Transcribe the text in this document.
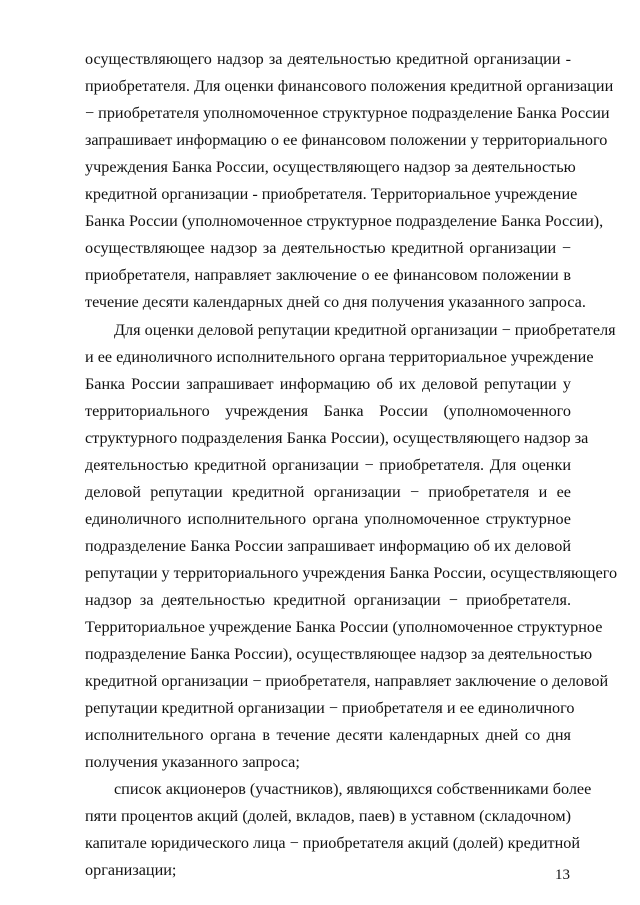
осуществляющего надзор за деятельностью кредитной организации -
приобретателя. Для оценки финансового положения кредитной организации
− приобретателя уполномоченное структурное подразделение Банка России
запрашивает информацию о ее финансовом положении у территориального
учреждения Банка России, осуществляющего надзор за деятельностью
кредитной организации - приобретателя. Территориальное учреждение
Банка России (уполномоченное структурное подразделение Банка России),
осуществляющее надзор за деятельностью кредитной организации −
приобретателя, направляет заключение о ее финансовом положении в
течение десяти календарных дней со дня получения указанного запроса.
Для оценки деловой репутации кредитной организации − приобретателя
и ее единоличного исполнительного органа территориальное учреждение
Банка России запрашивает информацию об их деловой репутации у
территориального учреждения Банка России (уполномоченного
структурного подразделения Банка России), осуществляющего надзор за
деятельностью кредитной организации − приобретателя. Для оценки
деловой репутации кредитной организации − приобретателя и ее
единоличного исполнительного органа уполномоченное структурное
подразделение Банка России запрашивает информацию об их деловой
репутации у территориального учреждения Банка России, осуществляющего
надзор за деятельностью кредитной организации − приобретателя.
Территориальное учреждение Банка России (уполномоченное структурное
подразделение Банка России), осуществляющее надзор за деятельностью
кредитной организации − приобретателя, направляет заключение о деловой
репутации кредитной организации − приобретателя и ее единоличного
исполнительного органа в течение десяти календарных дней со дня
получения указанного запроса;
список акционеров (участников), являющихся собственниками более
пяти процентов акций (долей, вкладов, паев) в уставном (складочном)
капитале юридического лица − приобретателя акций (долей) кредитной
организации;	13
